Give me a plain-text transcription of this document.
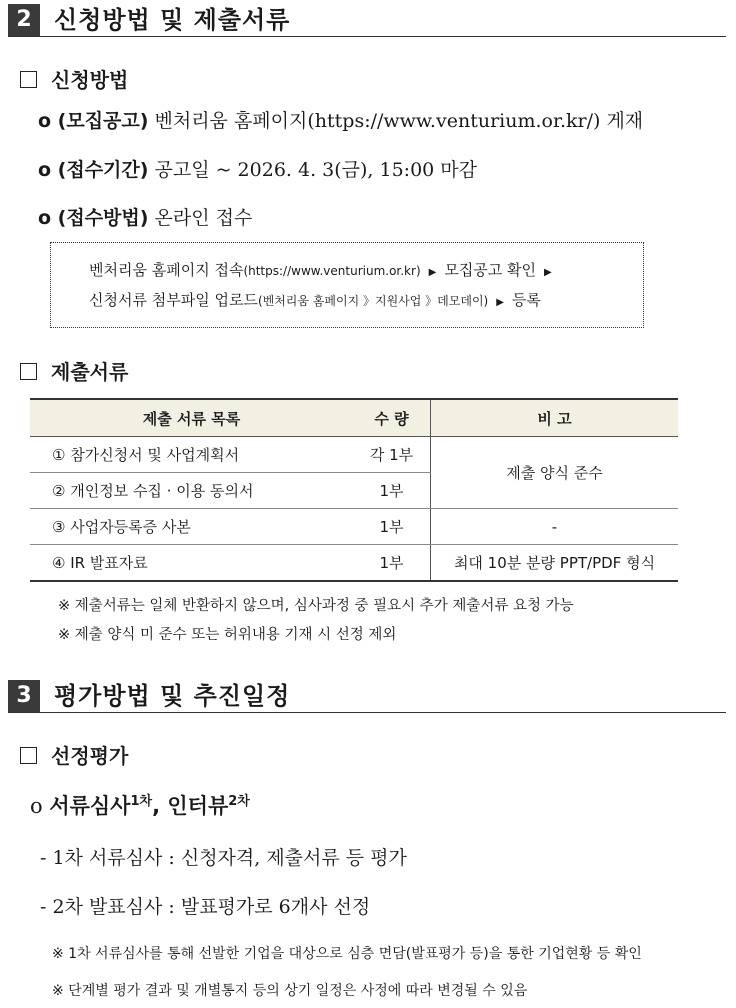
2 신청방법 및 제출서류
신청방법
o (모집공고) 벤처리움 홈페이지(https://www.venturium.or.kr/) 게재
o (접수기간) 공고일 ~ 2026. 4. 3(금), 15:00 마감
o (접수방법) 온라인 접수
벤처리움 홈페이지 접속(https://www.venturium.or.kr) ▶ 모집공고 확인 ▶
신청서류 첨부파일 업로드(벤처리움 홈페이지 》지원사업 》데모데이) ▶ 등록
제출서류
제출 서류 목록	수 량	비 고
① 참가신청서 및 사업계획서	각 1부	제출 양식 준수
② 개인정보 수집 · 이용 동의서	1부	
③ 사업자등록증 사본	1부	-
④ IR 발표자료	1부	최대 10분 분량 PPT/PDF 형식
※ 제출서류는 일체 반환하지 않으며, 심사과정 중 필요시 추가 제출서류 요청 가능
※ 제출 양식 미 준수 또는 허위내용 기재 시 선정 제외
3 평가방법 및 추진일정
선정평가
o 서류심사$^{1차}$, 인터뷰$^{2차}$
- 1차 서류심사 : 신청자격, 제출서류 등 평가
- 2차 발표심사 : 발표평가로 6개사 선정
※ 1차 서류심사를 통해 선발한 기업을 대상으로 심층 면담(발표평가 등)을 통한 기업현황 등 확인
※ 단계별 평가 결과 및 개별통지 등의 상기 일정은 사정에 따라 변경될 수 있음
